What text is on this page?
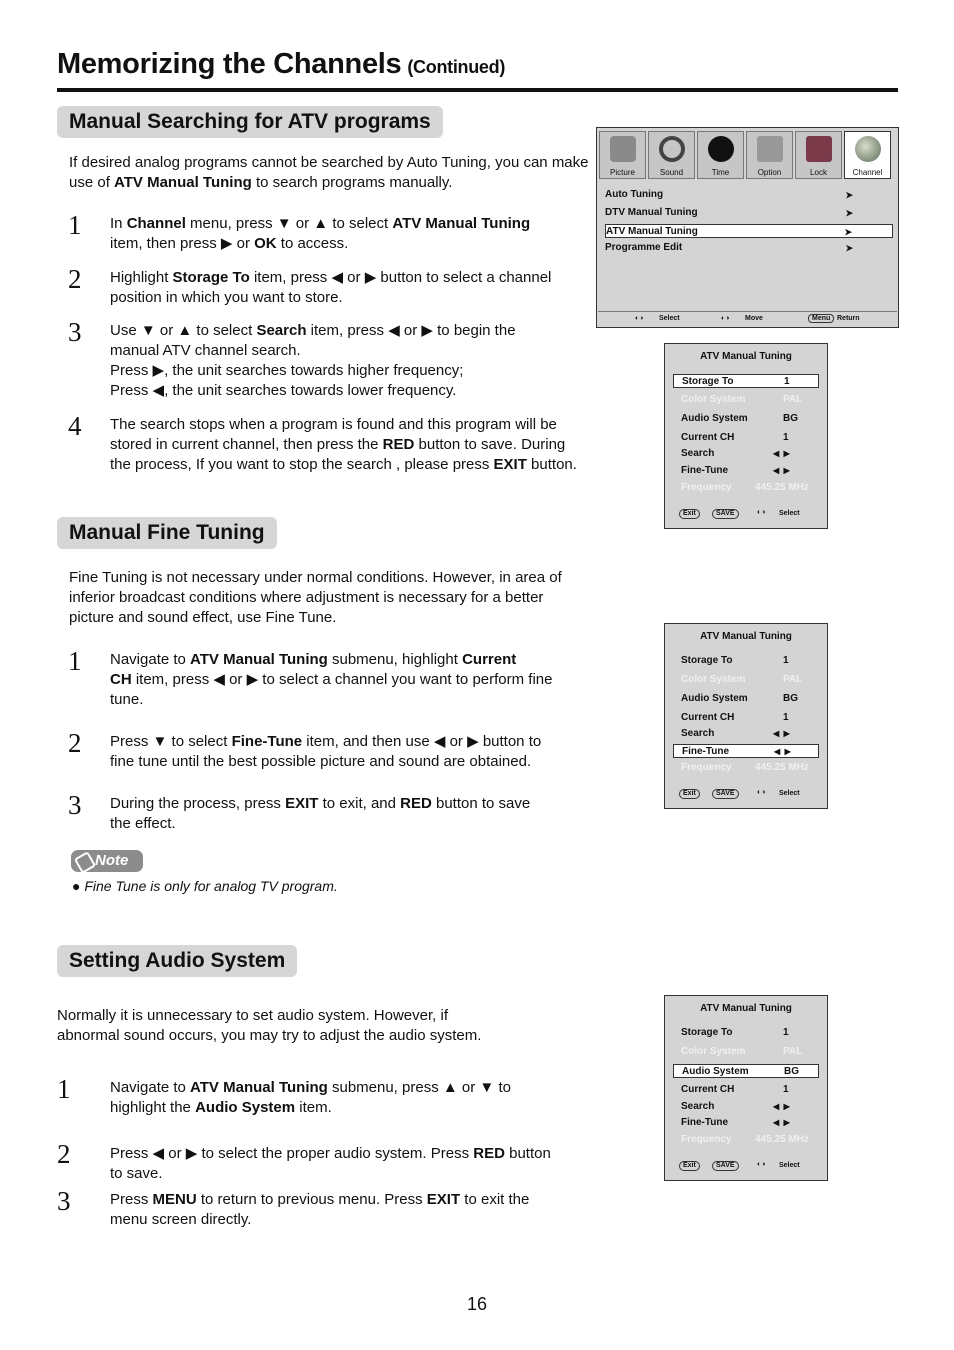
Memorizing the Channels (Continued)
Manual Searching for ATV programs
If desired analog programs cannot be searched by Auto Tuning, you can make
use of ATV Manual Tuning to search programs manually.
1 In Channel menu, press ▼ or ▲ to select ATV Manual Tuning
item, then press ▶ or OK to access.
2 Highlight Storage To item, press ◀ or ▶ button to select a channel
position in which you want to store.
3 Use ▼ or ▲ to select Search item, press ◀ or ▶ to begin the
manual ATV channel search.
Press ▶, the unit searches towards higher frequency;
Press ◀, the unit searches towards lower frequency.
4 The search stops when a program is found and this program will be
stored in current channel, then press the RED button to save. During
the process, If you want to stop the search , please press EXIT button.
Manual Fine Tuning
Fine Tuning is not necessary under normal conditions. However, in area of
inferior broadcast conditions where adjustment is necessary for a better
picture and sound effect, use Fine Tune.
1 Navigate to ATV Manual Tuning submenu, highlight Current
CH item, press ◀ or ▶ to select a channel you want to perform fine
tune.
2 Press ▼ to select Fine-Tune item, and then use ◀ or ▶ button to
fine tune until the best possible picture and sound are obtained.
3 During the process, press EXIT to exit, and RED button to save
the effect.
Note
● Fine Tune is only for analog TV program.
Setting Audio System
Normally it is unnecessary to set audio system. However, if
abnormal sound occurs, you may try to adjust the audio system.
1	Navigate to ATV Manual Tuning submenu, press ▲ or ▼ to
highlight the Audio System item.
2	Press ◀ or ▶ to select the proper audio system. Press RED button
to save.
3	Press MENU to return to previous menu. Press EXIT to exit the
menu screen directly.
16
Picture	Sound	Time	Option	Lock	Channel
Auto Tuning	➤
DTV Manual Tuning	➤
ATV Manual Tuning	➤
Programme Edit	➤
◐◑ Select	◐◑ Move	Menu Return
ATV Manual Tuning
Storage To	1
Color System	PAL
Audio System	BG
Current CH	1
Search	◀  ▶
Fine-Tune	◀  ▶
Frequency 445.25 MHz
Exit	SAVE	◐◑	Select
ATV Manual Tuning
Storage To	1
Color System	PAL
Audio System	BG
Current CH	1
Search	◀  ▶
Fine-Tune	◀  ▶
Frequency 445.25 MHz
Exit	SAVE	◐◑	Select
ATV Manual Tuning
Storage To	1
Color System	PAL
Audio System	BG
Current CH	1
Search	◀  ▶
Fine-Tune	◀  ▶
Frequency 445.25 MHz
Exit	SAVE	◐◑	Select
